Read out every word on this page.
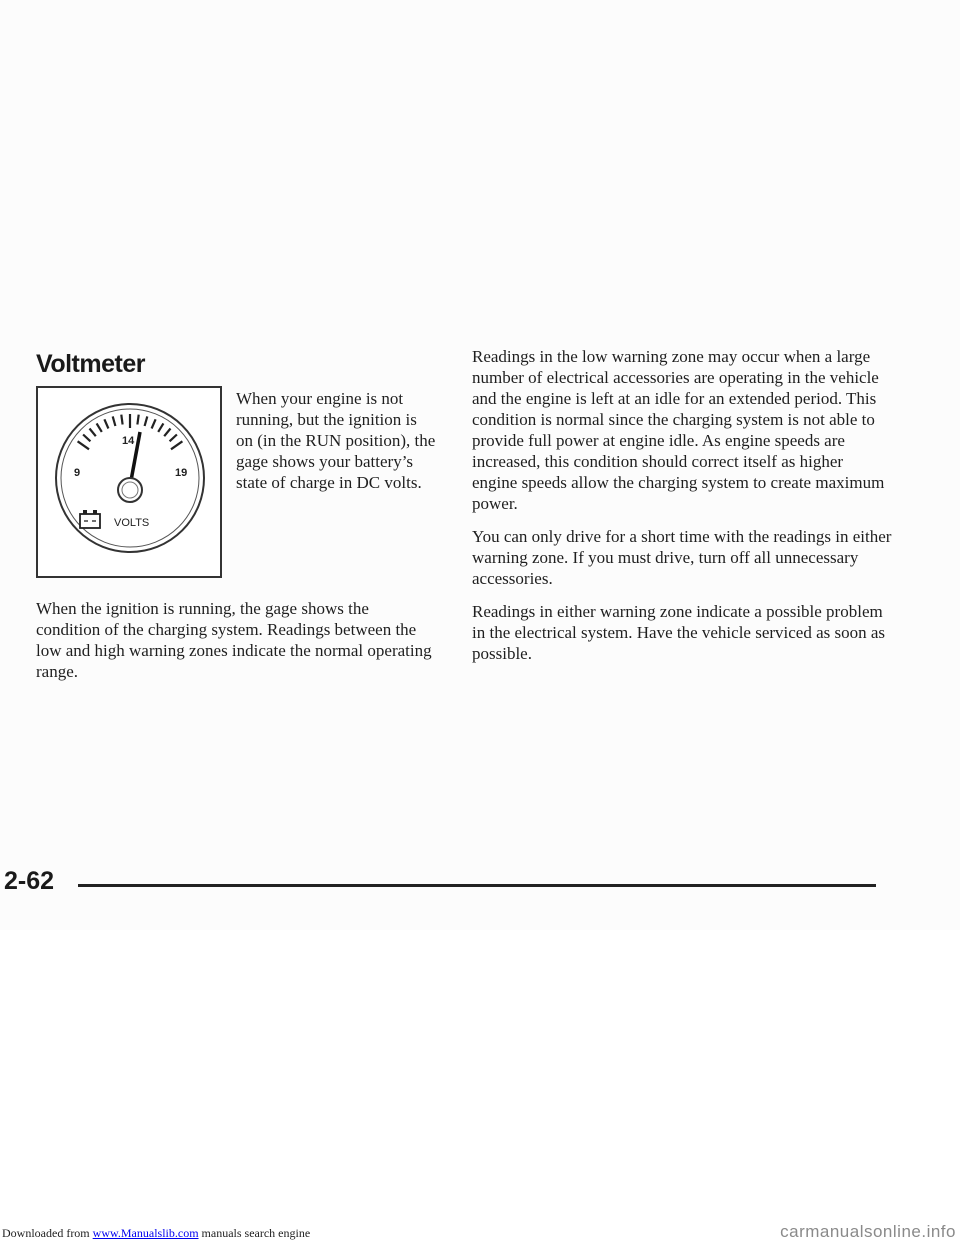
Voltmeter
9
14
19
VOLTS

When your engine is not running, but the ignition is on (in the RUN position), the gage shows your battery’s state of charge in DC volts.

When the ignition is running, the gage shows the condition of the charging system. Readings between the low and high warning zones indicate the normal operating range.

Readings in the low warning zone may occur when a large number of electrical accessories are operating in the vehicle and the engine is left at an idle for an extended period. This condition is normal since the charging system is not able to provide full power at engine idle. As engine speeds are increased, this condition should correct itself as higher engine speeds allow the charging system to create maximum power.

You can only drive for a short time with the readings in either warning zone. If you must drive, turn off all unnecessary accessories.

Readings in either warning zone indicate a possible problem in the electrical system. Have the vehicle serviced as soon as possible.

2-62
Downloaded from www.Manualslib.com manuals search engine	carmanualsonline.info
